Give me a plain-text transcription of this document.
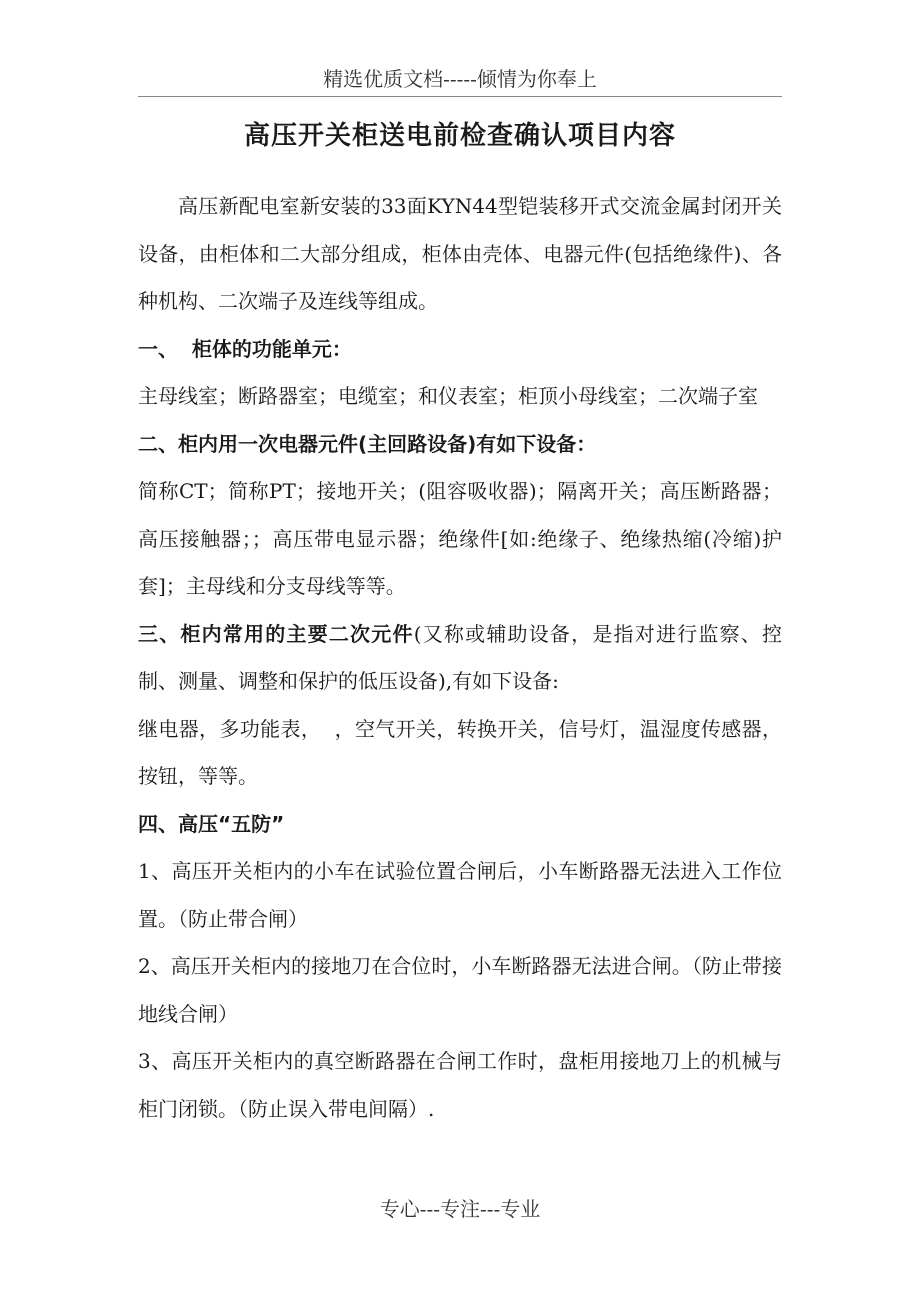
精选优质文档-----倾情为你奉上
高压开关柜送电前检查确认项目内容

高压新配电室新安装的33面KYN44型铠装移开式交流金属封闭开关设备，由柜体和二大部分组成，柜体由壳体、电器元件(包括绝缘件)、各种机构、二次端子及连线等组成。

一、  柜体的功能单元：

主母线室；断路器室；电缆室；和仪表室；柜顶小母线室；二次端子室

二、柜内用一次电器元件(主回路设备)有如下设备：

简称CT；简称PT；接地开关；(阻容吸收器)；隔离开关；高压断路器；高压接触器；；高压带电显示器；绝缘件[如:绝缘子、绝缘热缩(冷缩)护套]；主母线和分支母线等等。

三、柜内常用的主要二次元件(又称或辅助设备，是指对进行监察、控制、测量、调整和保护的低压设备),有如下设备:

继电器，多功能表，  ，空气开关，转换开关，信号灯，温湿度传感器，按钮，等等。

四、高压“五防”

1、高压开关柜内的小车在试验位置合闸后，小车断路器无法进入工作位置。（防止带合闸）

2、高压开关柜内的接地刀在合位时，小车断路器无法进合闸。（防止带接地线合闸）

3、高压开关柜内的真空断路器在合闸工作时，盘柜用接地刀上的机械与柜门闭锁。（防止误入带电间隔）.

专心---专注---专业
